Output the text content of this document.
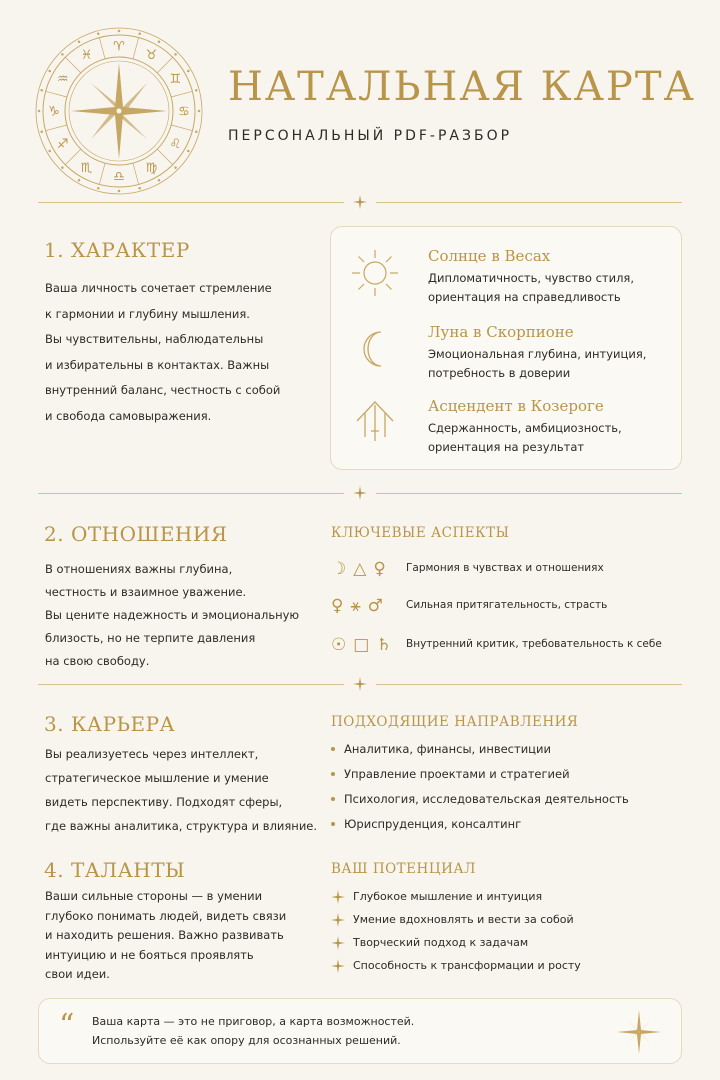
♈
♉
♊
♋
♌
♍
♎
♏
♐
♑
♒
♓
НАТАЛЬНАЯ КАРТА
ПЕРСОНАЛЬНЫЙ PDF-РАЗБОР
1. ХАРАКТЕР
Ваша личность сочетает стремление
к гармонии и глубину мышления.
Вы чувствительны, наблюдательны
и избирательны в контактах. Важны
внутренний баланс, честность с собой
и свобода самовыражения.
Солнце в Весах
Дипломатичность, чувство стиля,
ориентация на справедливость
Луна в Скорпионе
Эмоциональная глубина, интуиция,
потребность в доверии
Асцендент в Козероге
Сдержанность, амбициозность,
ориентация на результат
2. ОТНОШЕНИЯ
В отношениях важны глубина,
честность и взаимное уважение.
Вы цените надежность и эмоциональную
близость, но не терпите давления
на свою свободу.
КЛЮЧЕВЫЕ АСПЕКТЫ
☽ △ ♀ Гармония в чувствах и отношениях
♀ ⚹ ♂ Сильная притягательность, страсть
☉ □ ♄ Внутренний критик, требовательность к себе
3. КАРЬЕРА
Вы реализуетесь через интеллект,
стратегическое мышление и умение
видеть перспективу. Подходят сферы,
где важны аналитика, структура и влияние.
ПОДХОДЯЩИЕ НАПРАВЛЕНИЯ
Аналитика, финансы, инвестиции
Управление проектами и стратегией
Психология, исследовательская деятельность
Юриспруденция, консалтинг
4. ТАЛАНТЫ
Ваши сильные стороны — в умении
глубоко понимать людей, видеть связи
и находить решения. Важно развивать
интуицию и не бояться проявлять
свои идеи.
ВАШ ПОТЕНЦИАЛ
Глубокое мышление и интуиция
Умение вдохновлять и вести за собой
Творческий подход к задачам
Способность к трансформации и росту
“ Ваша карта — это не приговор, а карта возможностей.
Используйте её как опору для осознанных решений.
